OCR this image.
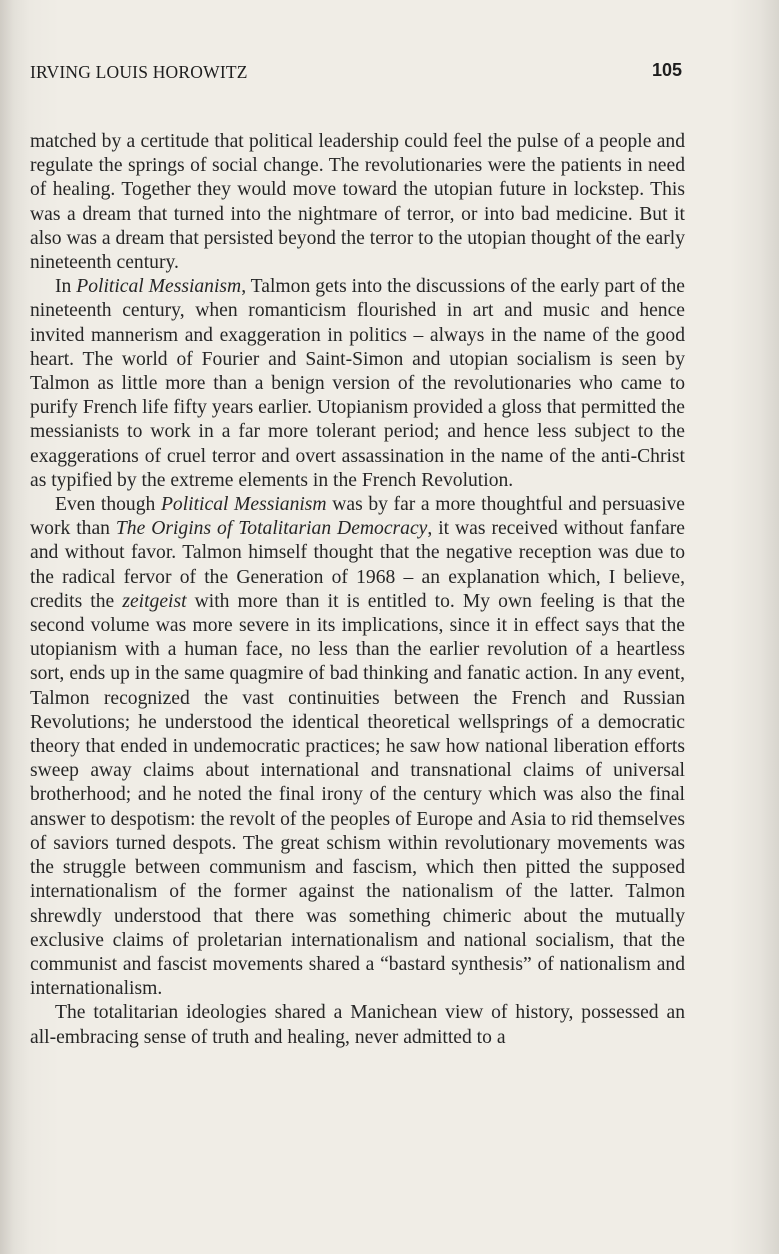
IRVING LOUIS HOROWITZ	105

matched by a certitude that political leadership could feel the pulse of a people and regulate the springs of social change. The revolutionaries were the patients in need of healing. Together they would move toward the utopian future in lockstep. This was a dream that turned into the nightmare of terror, or into bad medicine. But it also was a dream that persisted beyond the terror to the utopian thought of the early nineteenth century.

In Political Messianism, Talmon gets into the discussions of the early part of the nineteenth century, when romanticism flourished in art and music and hence invited mannerism and exaggeration in politics – always in the name of the good heart. The world of Fourier and Saint-Simon and utopian socialism is seen by Talmon as little more than a benign version of the revolutionaries who came to purify French life fifty years earlier. Utopianism provided a gloss that permitted the messianists to work in a far more tolerant period; and hence less subject to the exaggerations of cruel terror and overt assassination in the name of the anti-Christ as typified by the extreme elements in the French Revolution.

Even though Political Messianism was by far a more thoughtful and persuasive work than The Origins of Totalitarian Democracy, it was received without fanfare and without favor. Talmon himself thought that the negative reception was due to the radical fervor of the Generation of 1968 – an explanation which, I believe, credits the zeitgeist with more than it is entitled to. My own feeling is that the second volume was more severe in its implications, since it in effect says that the utopianism with a human face, no less than the earlier revolution of a heartless sort, ends up in the same quagmire of bad thinking and fanatic action. In any event, Talmon recognized the vast continuities between the French and Russian Revolutions; he understood the identical theoretical wellsprings of a democratic theory that ended in undemocratic practices; he saw how national liberation efforts sweep away claims about international and transnational claims of universal brotherhood; and he noted the final irony of the century which was also the final answer to despotism: the revolt of the peoples of Europe and Asia to rid themselves of saviors turned despots. The great schism within revolutionary movements was the struggle between communism and fascism, which then pitted the supposed internationalism of the former against the nationalism of the latter. Talmon shrewdly understood that there was something chimeric about the mutually exclusive claims of proletarian internationalism and national socialism, that the communist and fascist movements shared a “bastard synthesis” of nationalism and internationalism.

The totalitarian ideologies shared a Manichean view of history, possessed an all-embracing sense of truth and healing, never admitted to a
